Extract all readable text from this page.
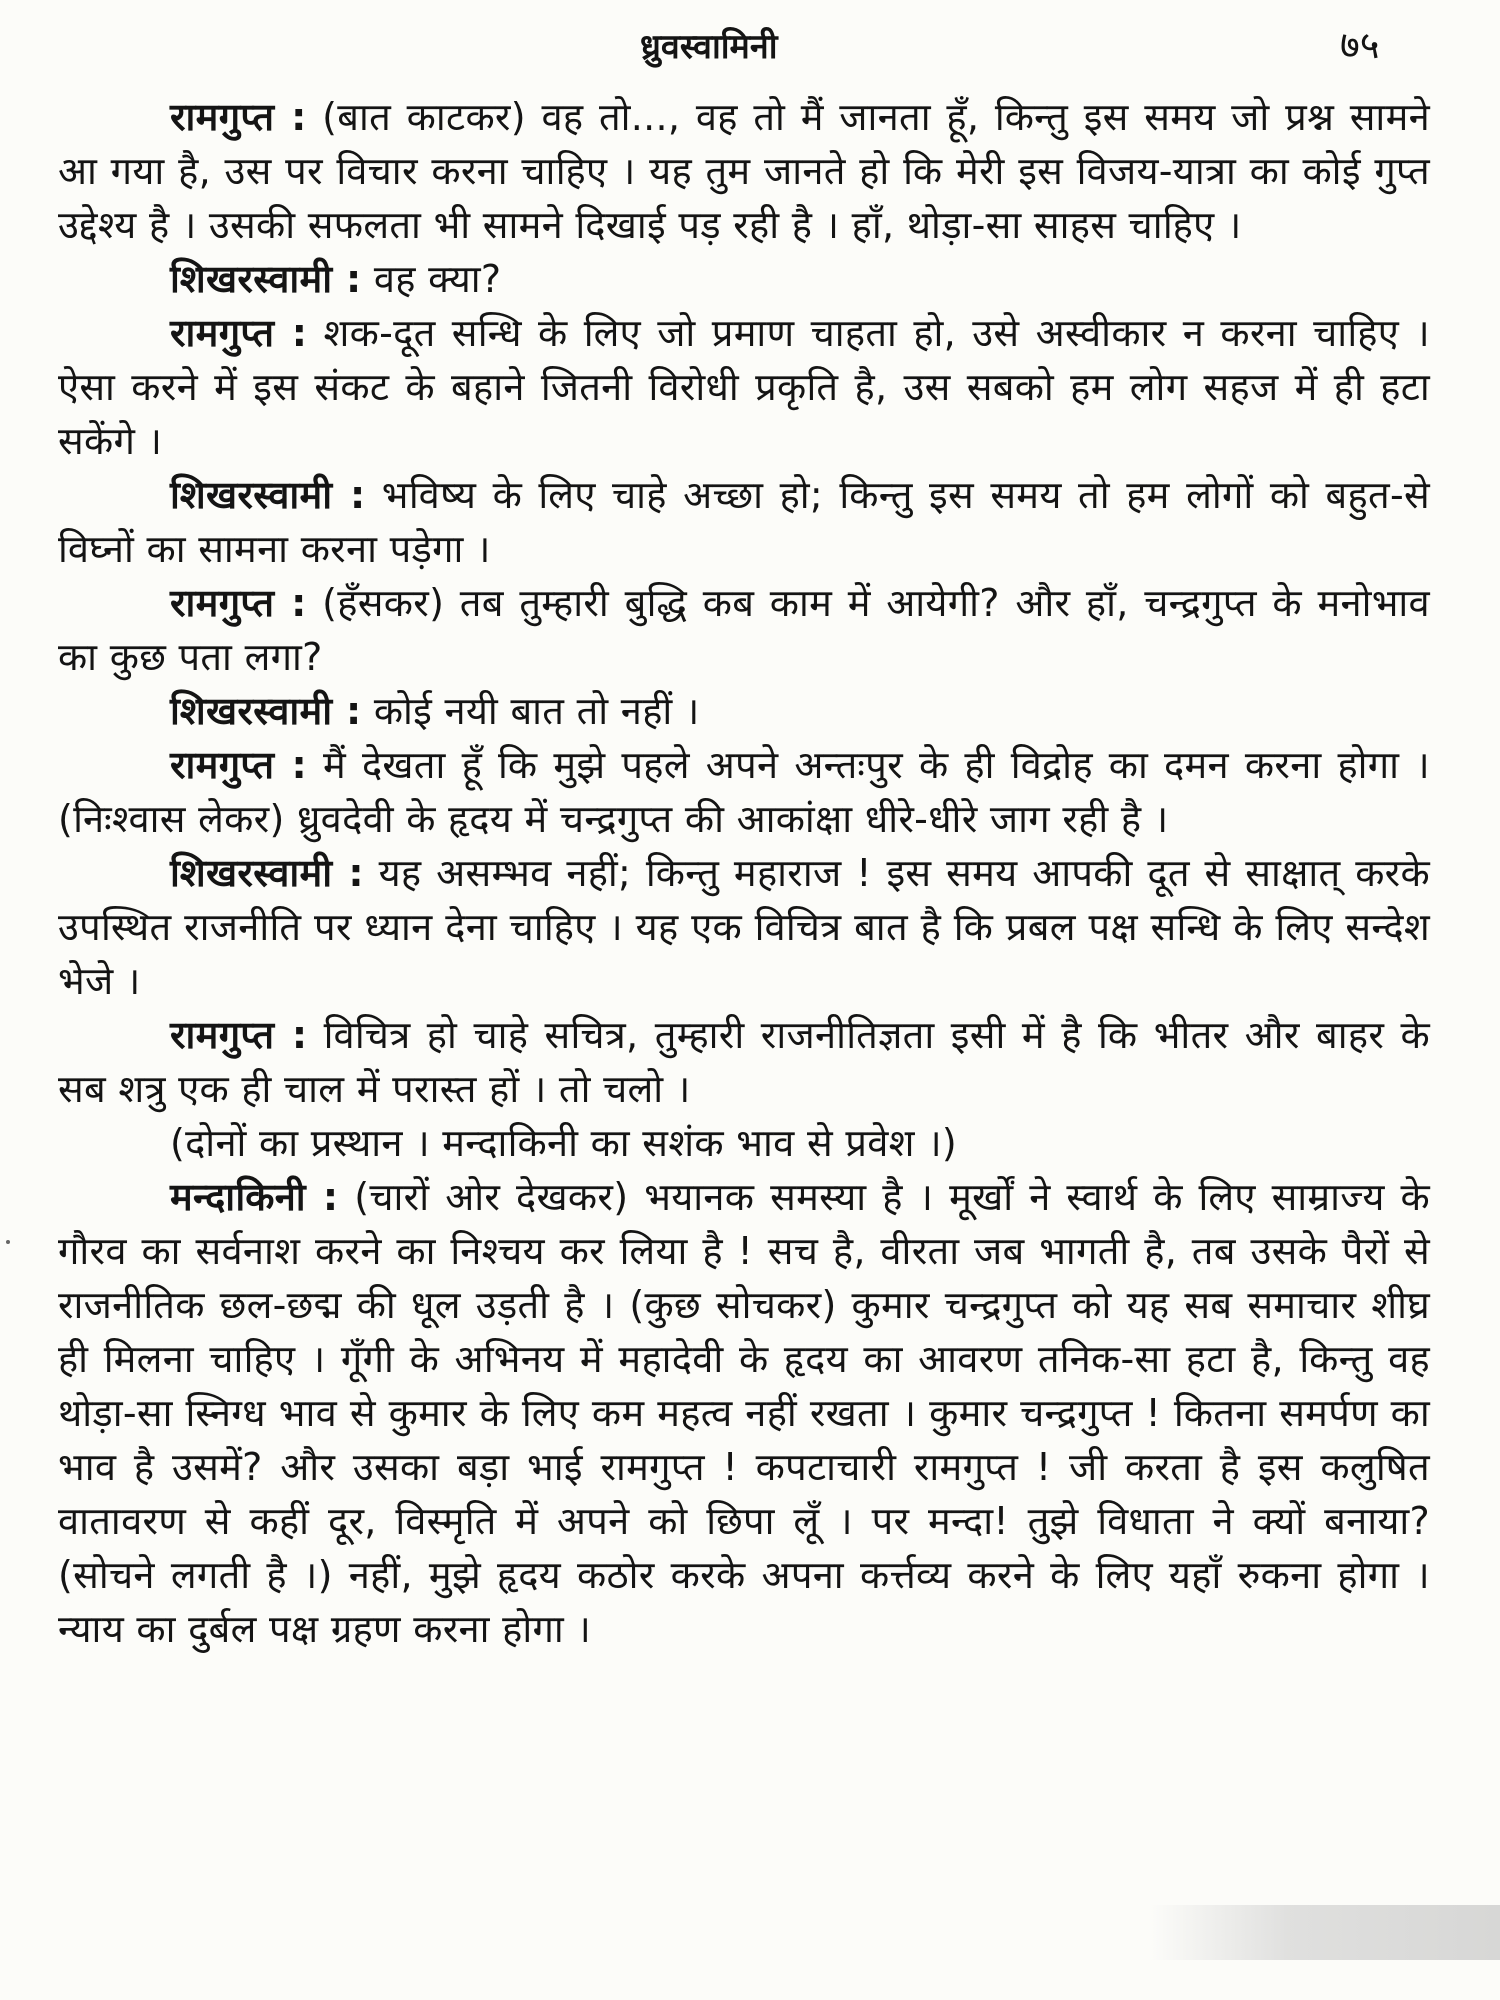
ध्रुवस्वामिनी	७५

रामगुप्त : (बात काटकर) वह तो..., वह तो मैं जानता हूँ, किन्तु इस समय जो प्रश्न सामने आ गया है, उस पर विचार करना चाहिए । यह तुम जानते हो कि मेरी इस विजय-यात्रा का कोई गुप्त उद्देश्य है । उसकी सफलता भी सामने दिखाई पड़ रही है । हाँ, थोड़ा-सा साहस चाहिए ।

शिखरस्वामी : वह क्या?

रामगुप्त : शक-दूत सन्धि के लिए जो प्रमाण चाहता हो, उसे अस्वीकार न करना चाहिए । ऐसा करने में इस संकट के बहाने जितनी विरोधी प्रकृति है, उस सबको हम लोग सहज में ही हटा सकेंगे ।

शिखरस्वामी : भविष्य के लिए चाहे अच्छा हो; किन्तु इस समय तो हम लोगों को बहुत-से विघ्नों का सामना करना पड़ेगा ।

रामगुप्त : (हँसकर) तब तुम्हारी बुद्धि कब काम में आयेगी? और हाँ, चन्द्रगुप्त के मनोभाव का कुछ पता लगा?

शिखरस्वामी : कोई नयी बात तो नहीं ।

रामगुप्त : मैं देखता हूँ कि मुझे पहले अपने अन्तःपुर के ही विद्रोह का दमन करना होगा । (निःश्वास लेकर) ध्रुवदेवी के हृदय में चन्द्रगुप्त की आकांक्षा धीरे-धीरे जाग रही है ।

शिखरस्वामी : यह असम्भव नहीं; किन्तु महाराज ! इस समय आपकी दूत से साक्षात् करके उपस्थित राजनीति पर ध्यान देना चाहिए । यह एक विचित्र बात है कि प्रबल पक्ष सन्धि के लिए सन्देश भेजे ।

रामगुप्त : विचित्र हो चाहे सचित्र, तुम्हारी राजनीतिज्ञता इसी में है कि भीतर और बाहर के सब शत्रु एक ही चाल में परास्त हों । तो चलो ।

(दोनों का प्रस्थान । मन्दाकिनी का सशंक भाव से प्रवेश ।)

मन्दाकिनी : (चारों ओर देखकर) भयानक समस्या है । मूर्खों ने स्वार्थ के लिए साम्राज्य के गौरव का सर्वनाश करने का निश्चय कर लिया है ! सच है, वीरता जब भागती है, तब उसके पैरों से राजनीतिक छल-छद्म की धूल उड़ती है । (कुछ सोचकर) कुमार चन्द्रगुप्त को यह सब समाचार शीघ्र ही मिलना चाहिए । गूँगी के अभिनय में महादेवी के हृदय का आवरण तनिक-सा हटा है, किन्तु वह थोड़ा-सा स्निग्ध भाव से कुमार के लिए कम महत्व नहीं रखता । कुमार चन्द्रगुप्त ! कितना समर्पण का भाव है उसमें? और उसका बड़ा भाई रामगुप्त ! कपटाचारी रामगुप्त ! जी करता है इस कलुषित वातावरण से कहीं दूर, विस्मृति में अपने को छिपा लूँ । पर मन्दा! तुझे विधाता ने क्यों बनाया? (सोचने लगती है ।) नहीं, मुझे हृदय कठोर करके अपना कर्त्तव्य करने के लिए यहाँ रुकना होगा । न्याय का दुर्बल पक्ष ग्रहण करना होगा ।
